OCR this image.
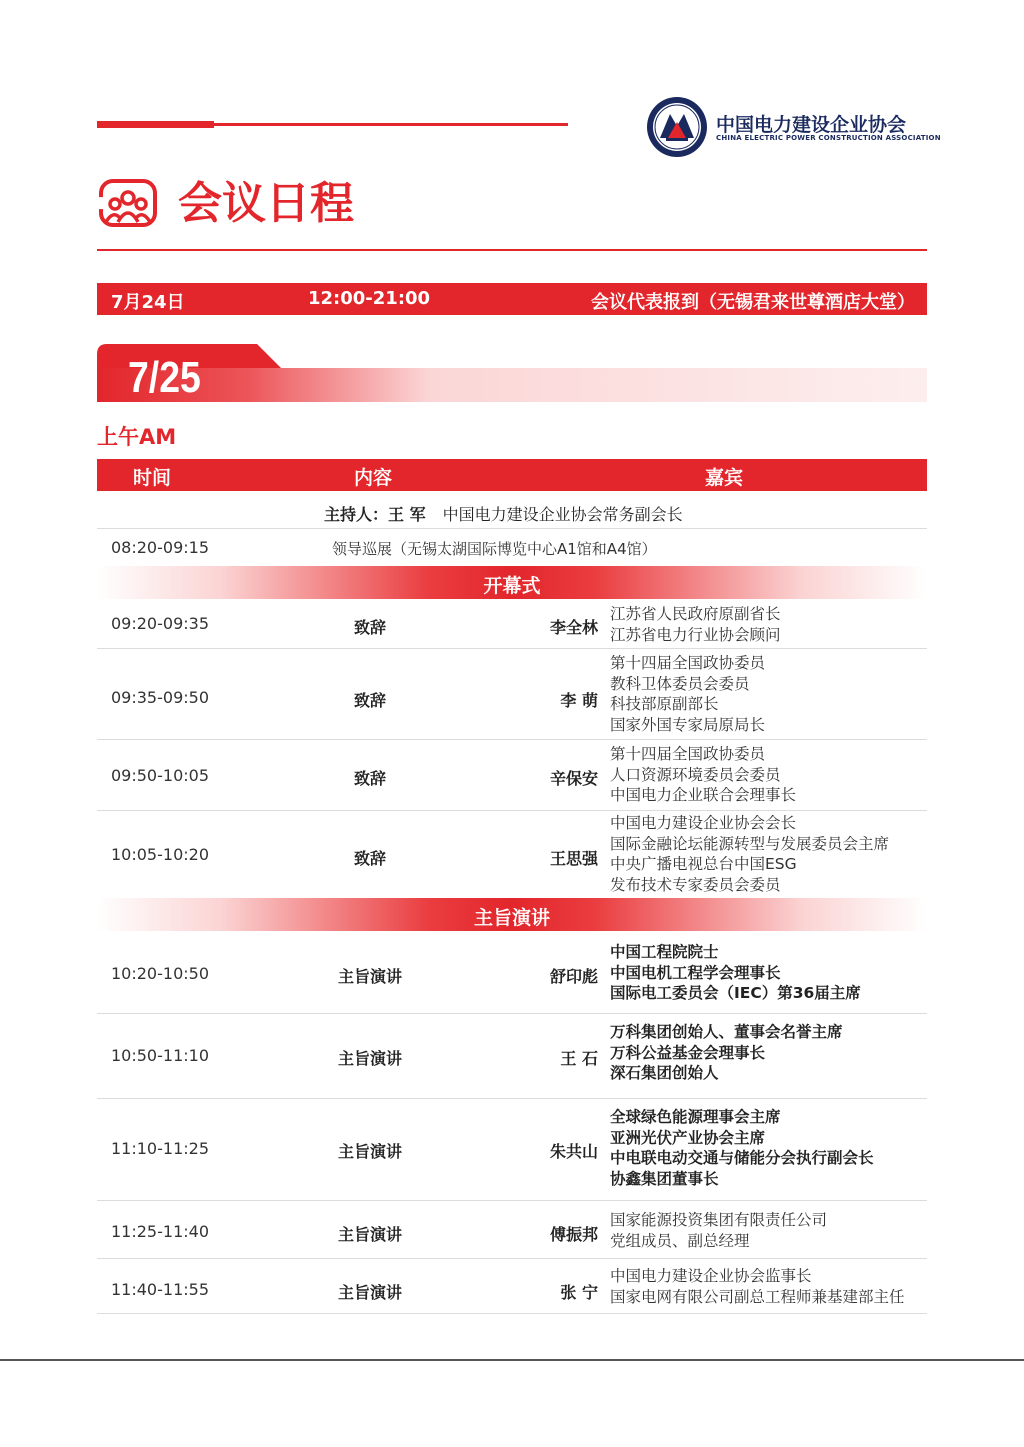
中国电力建设企业协会
CHINA ELECTRIC POWER CONSTRUCTION ASSOCIATION
会议日程
7月24日	12:00-21:00	会议代表报到（无锡君来世尊酒店大堂）
7/25
上午AM
时间	内容	嘉宾
主持人：王 军 中国电力建设企业协会常务副会长
08:20-09:15	领导巡展（无锡太湖国际博览中心A1馆和A4馆）
开幕式
09:20-09:35	致辞	李全林
江苏省人民政府原副省长
江苏省电力行业协会顾问
09:35-09:50	致辞	李 萌
第十四届全国政协委员
教科卫体委员会委员
科技部原副部长
国家外国专家局原局长
09:50-10:05	致辞	辛保安
第十四届全国政协委员
人口资源环境委员会委员
中国电力企业联合会理事长
10:05-10:20	致辞	王思强
中国电力建设企业协会会长
国际金融论坛能源转型与发展委员会主席
中央广播电视总台中国ESG
发布技术专家委员会委员
主旨演讲
10:20-10:50	主旨演讲	舒印彪
中国工程院院士
中国电机工程学会理事长
国际电工委员会（IEC）第36届主席
10:50-11:10	主旨演讲	王 石
万科集团创始人、董事会名誉主席
万科公益基金会理事长
深石集团创始人
11:10-11:25	主旨演讲	朱共山
全球绿色能源理事会主席
亚洲光伏产业协会主席
中电联电动交通与储能分会执行副会长
协鑫集团董事长
11:25-11:40	主旨演讲	傅振邦
国家能源投资集团有限责任公司
党组成员、副总经理
11:40-11:55	主旨演讲	张 宁
中国电力建设企业协会监事长
国家电网有限公司副总工程师兼基建部主任
